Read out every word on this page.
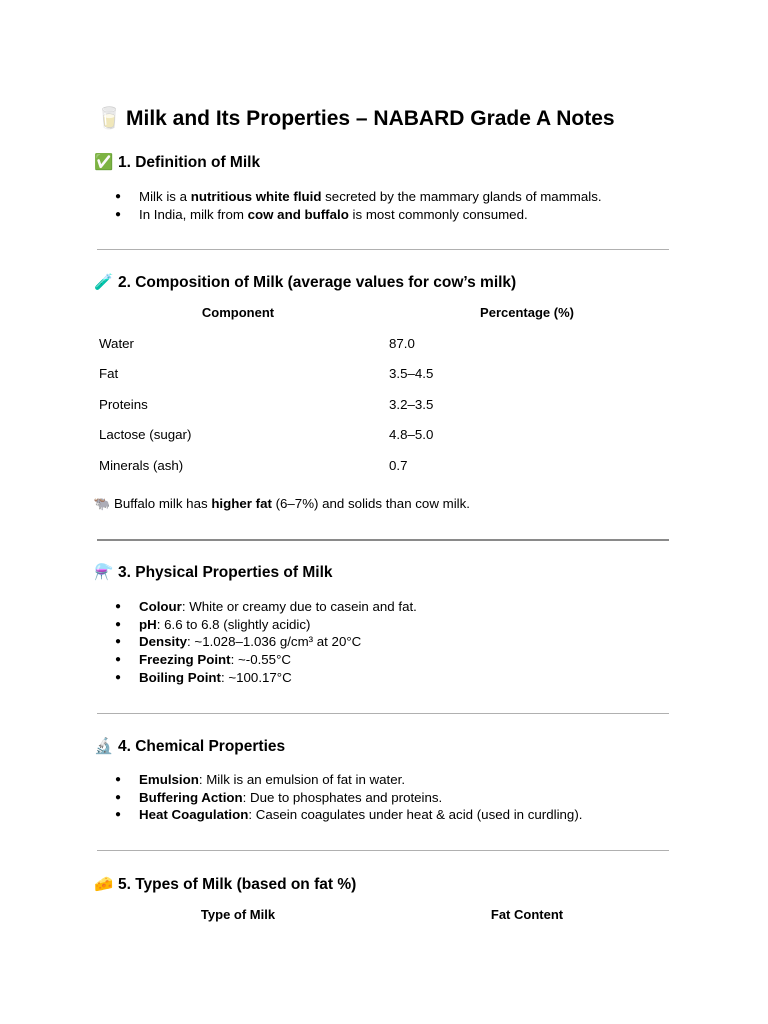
🥛 Milk and Its Properties – NABARD Grade A Notes
✅ 1. Definition of Milk
● Milk is a nutritious white fluid secreted by the mammary glands of mammals.
● In India, milk from cow and buffalo is most commonly consumed.
🧪 2. Composition of Milk (average values for cow’s milk)
Component	Percentage (%)
Water	87.0
Fat	3.5–4.5
Proteins	3.2–3.5
Lactose (sugar)	4.8–5.0
Minerals (ash)	0.7
🐃 Buffalo milk has higher fat (6–7%) and solids than cow milk.
⚗️ 3. Physical Properties of Milk
● Colour: White or creamy due to casein and fat.
● pH: 6.6 to 6.8 (slightly acidic)
● Density: ~1.028–1.036 g/cm³ at 20°C
● Freezing Point: ~-0.55°C
● Boiling Point: ~100.17°C
🔬 4. Chemical Properties
● Emulsion: Milk is an emulsion of fat in water.
● Buffering Action: Due to phosphates and proteins.
● Heat Coagulation: Casein coagulates under heat & acid (used in curdling).
🧀 5. Types of Milk (based on fat %)
Type of Milk	Fat Content
